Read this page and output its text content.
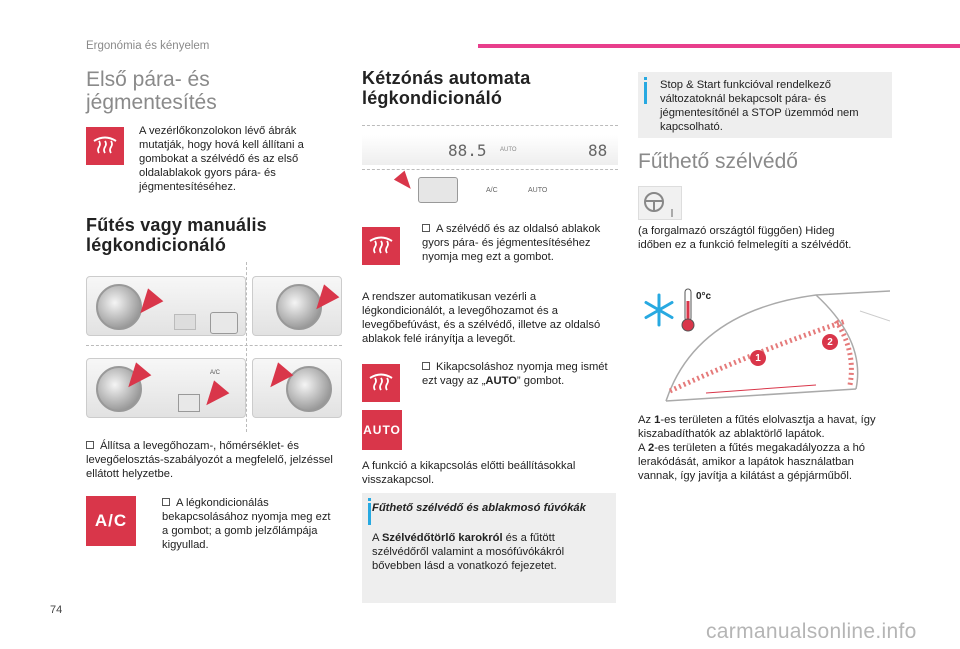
Ergonómia és kényelem
Első pára- és
jégmentesítés
A vezérlőkonzolokon lévő ábrák mutatják, hogy hová kell állítani a gombokat a szélvédő és az első oldalablakok gyors pára- és jégmentesítéséhez.
Fűtés vagy manuális
légkondicionáló
A/C
Állítsa a levegőhozam-, hőmérséklet- és levegőelosztás-szabályozót a megfelelő, jelzéssel ellátott helyzetbe.
A/C
A légkondicionálás bekapcsolásához nyomja meg ezt a gombot; a gomb jelzőlámpája kigyullad.
Kétzónás automata
légkondicionáló
88.5 AUTO	88
A/C	AUTO
A szélvédő és az oldalsó ablakok gyors pára- és jégmentesítéséhez nyomja meg ezt a gombot.
A rendszer automatikusan vezérli a légkondicionálót, a levegőhozamot és a levegőbefúvást, és a szélvédő, illetve az oldalsó ablakok felé irányítja a levegőt.
Kikapcsoláshoz nyomja meg ismét ezt vagy az „AUTO” gombot.
AUTO
A funkció a kikapcsolás előtti beállításokkal visszakapcsol.
Fűthető szélvédő és ablakmosó fúvókák
A Szélvédőtörlő karokról és a fűtött szélvédőről valamint a mosófúvókákról bővebben lásd a vonatkozó fejezetet.
Stop & Start funkcióval rendelkező változatoknál bekapcsolt pára- és jégmentesítőnél a STOP üzemmód nem kapcsolható.
Fűthető szélvédő
(a forgalmazó országtól függően) Hideg időben ez a funkció felmelegíti a szélvédőt.
0°c
1
2
Az 1-es területen a fűtés elolvasztja a havat, így kiszabadíthatók az ablaktörlő lapátok.
A 2-es területen a fűtés megakadályozza a hó lerakódását, amikor a lapátok használatban vannak, így javítja a kilátást a gépjárműből.
74
carmanualsonline.info
